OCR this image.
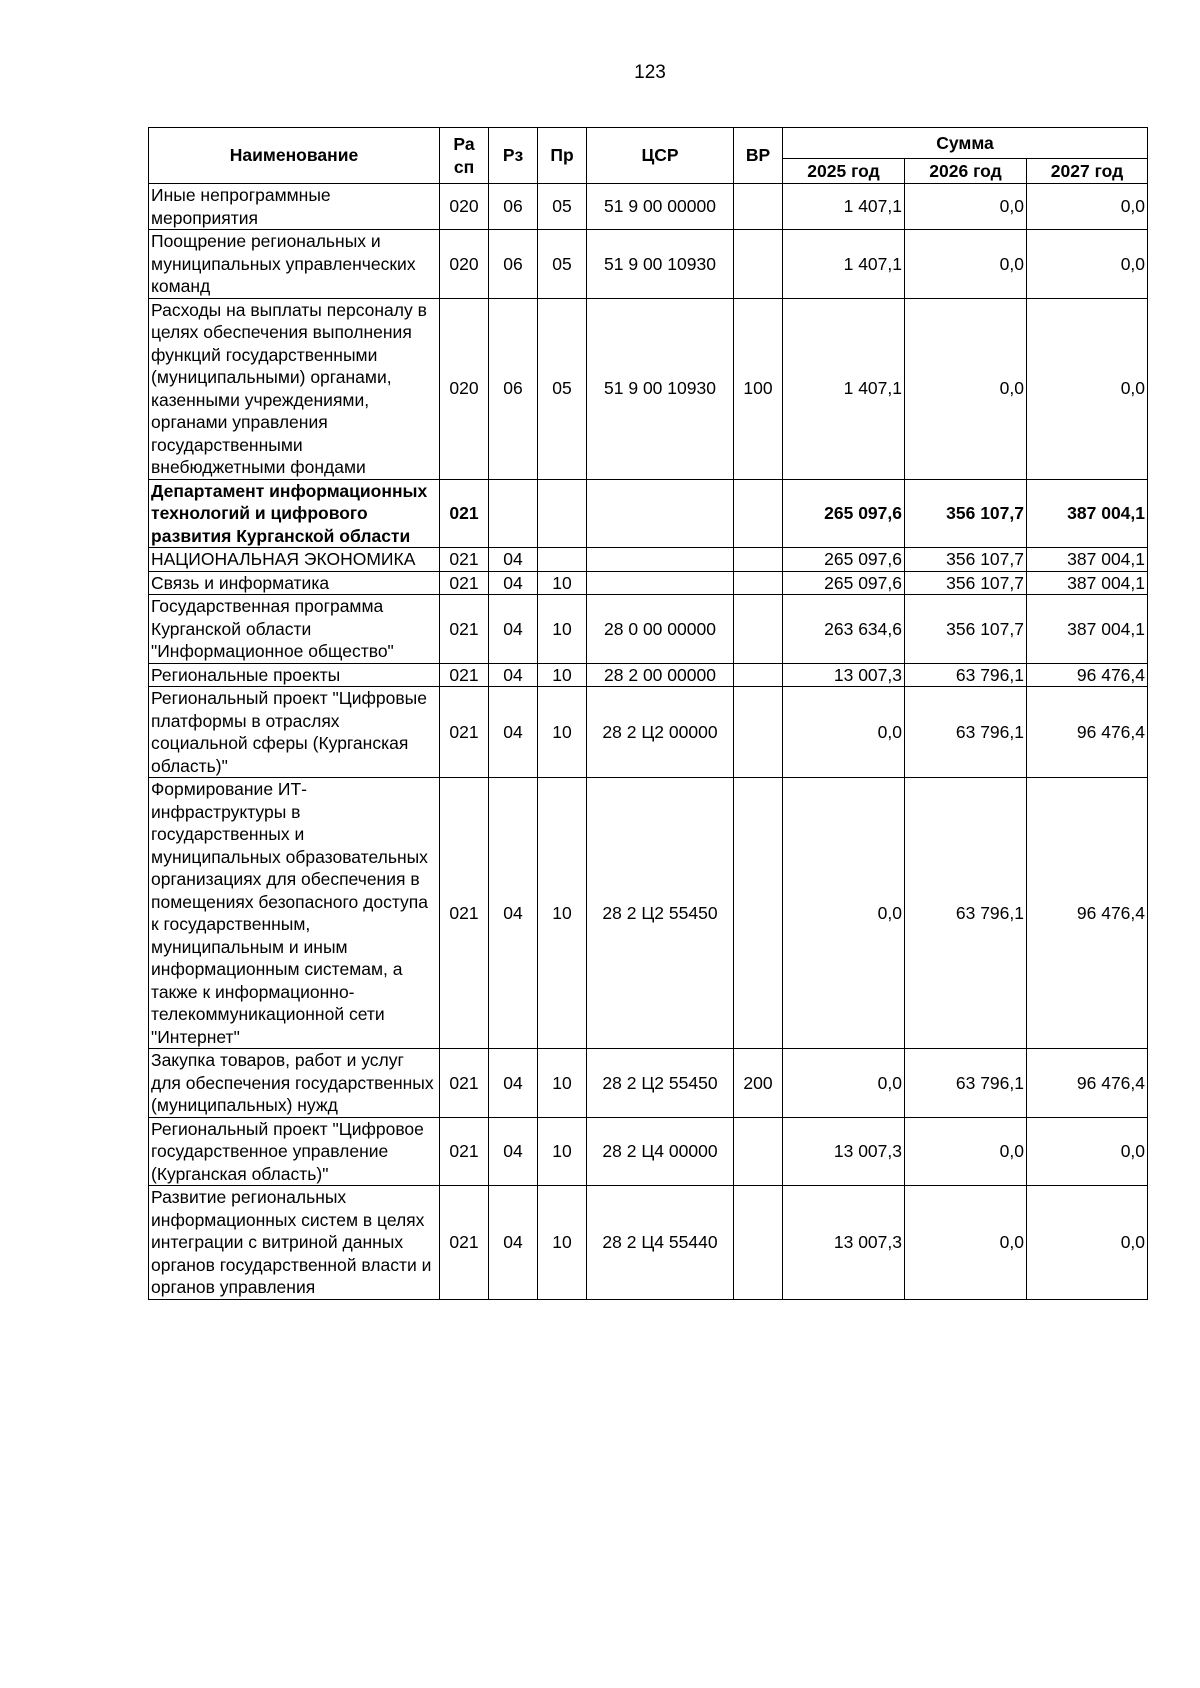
123
Наименование	Ра сп	Рз	Пр	ЦСР	ВР	Сумма		
						2025 год	2026 год	2027 год
Иные непрограммные мероприятия	020	06	05	51 9 00 00000		1 407,1	0,0	0,0
Поощрение региональных и муниципальных управленческих команд	020	06	05	51 9 00 10930		1 407,1	0,0	0,0
Расходы на выплаты персоналу в целях обеспечения выполнения функций государственными (муниципальными) органами, казенными учреждениями, органами управления государственными внебюджетными фондами	020	06	05	51 9 00 10930	100	1 407,1	0,0	0,0
Департамент информационных технологий и цифрового развития Курганской области	021					265 097,6	356 107,7	387 004,1
НАЦИОНАЛЬНАЯ ЭКОНОМИКА	021	04				265 097,6	356 107,7	387 004,1
Связь и информатика	021	04	10			265 097,6	356 107,7	387 004,1
Государственная программа Курганской области "Информационное общество"	021	04	10	28 0 00 00000		263 634,6	356 107,7	387 004,1
Региональные проекты	021	04	10	28 2 00 00000		13 007,3	63 796,1	96 476,4
Региональный проект "Цифровые платформы в отраслях социальной сферы (Курганская область)"	021	04	10	28 2 Ц2 00000		0,0	63 796,1	96 476,4
Формирование ИТ-инфраструктуры в государственных и муниципальных образовательных организациях для обеспечения в помещениях безопасного доступа к государственным, муниципальным и иным информационным системам, а также к информационно-телекоммуникационной сети "Интернет"	021	04	10	28 2 Ц2 55450		0,0	63 796,1	96 476,4
Закупка товаров, работ и услуг для обеспечения государственных (муниципальных) нужд	021	04	10	28 2 Ц2 55450	200	0,0	63 796,1	96 476,4
Региональный проект "Цифровое государственное управление (Курганская область)"	021	04	10	28 2 Ц4 00000		13 007,3	0,0	0,0
Развитие региональных информационных систем в целях интеграции с витриной данных органов государственной власти и органов управления	021	04	10	28 2 Ц4 55440		13 007,3	0,0	0,0
